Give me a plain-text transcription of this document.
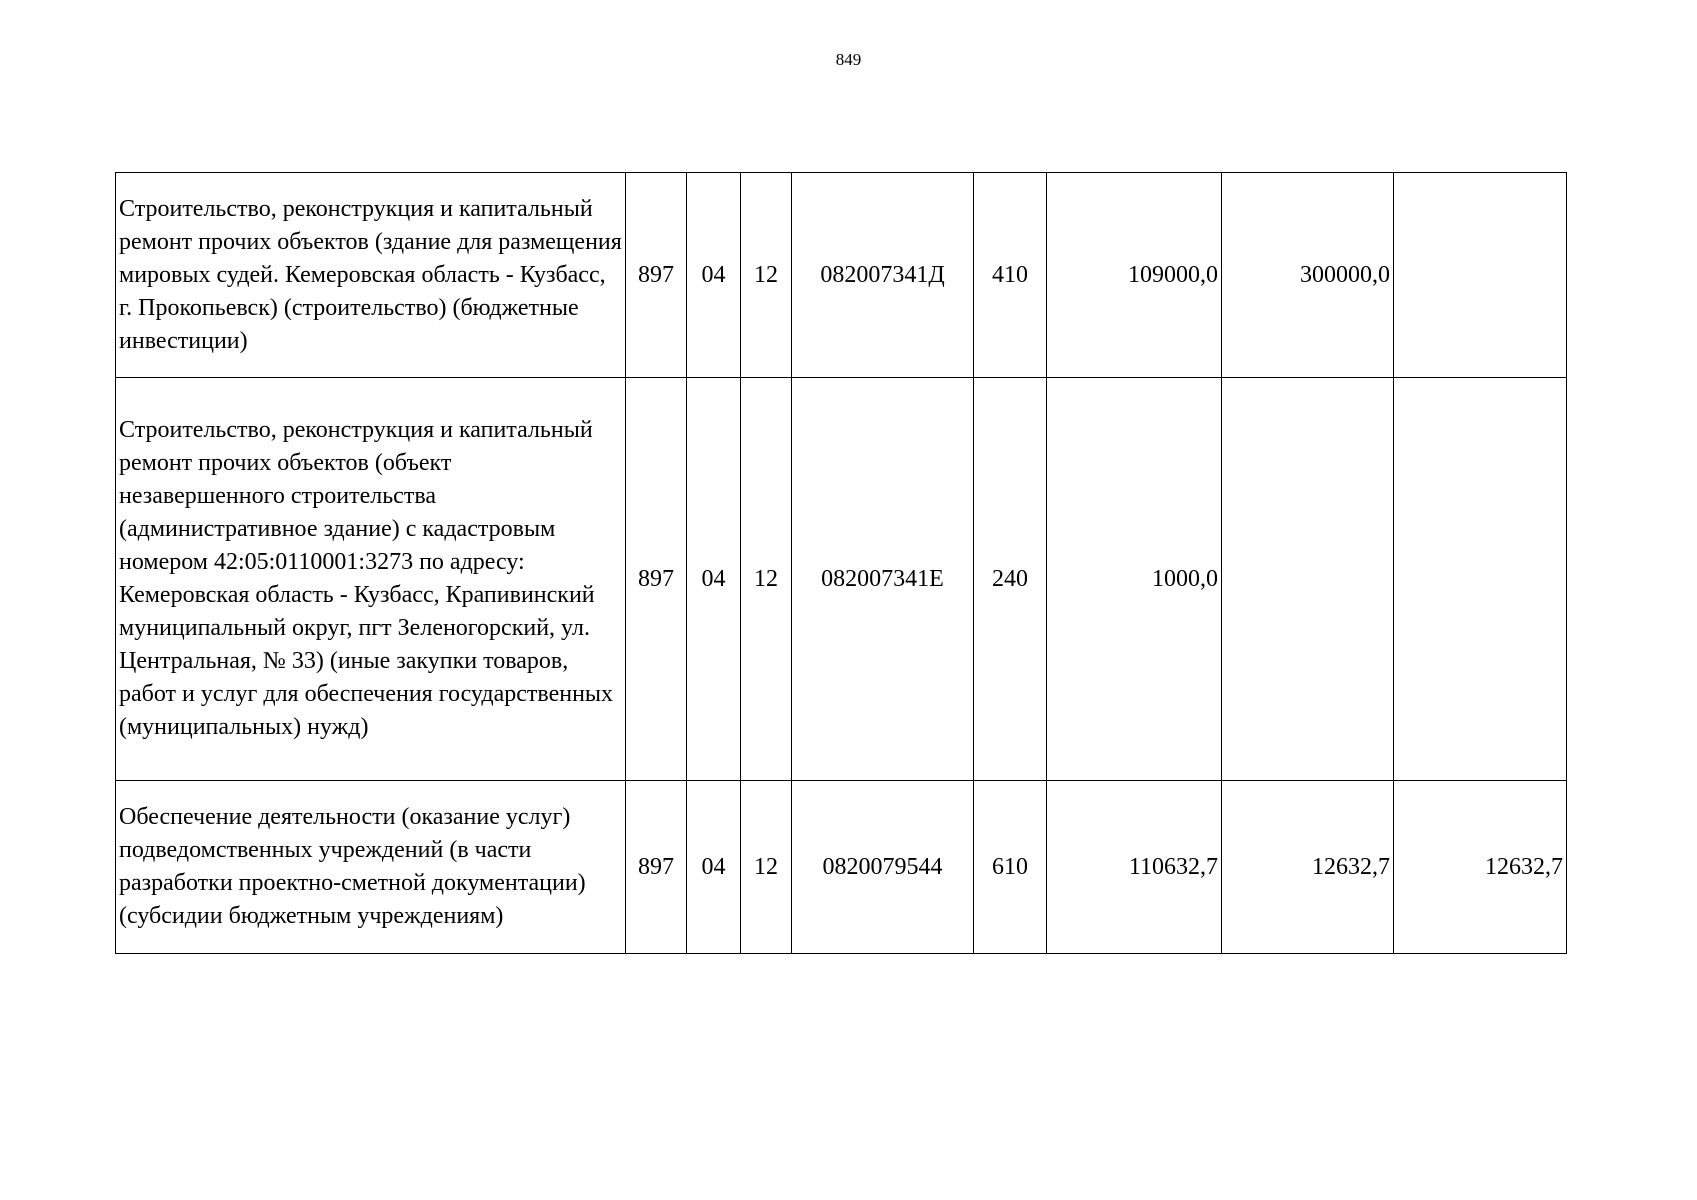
849
Строительство, реконструкция и капитальный ремонт прочих объектов (здание для размещения мировых судей. Кемеровская область - Кузбасс, г. Прокопьевск) (строительство) (бюджетные инвестиции)	897	04	12	082007341Д	410	109000,0	300000,0	
Строительство, реконструкция и капитальный ремонт прочих объектов (объект незавершенного строительства (административное здание) с кадастровым номером 42:05:0110001:3273 по адресу: Кемеровская область - Кузбасс, Крапивинский муниципальный округ, пгт Зеленогорский, ул. Центральная, № 33) (иные закупки товаров, работ и услуг для обеспечения государственных (муниципальных) нужд)	897	04	12	082007341Е	240	1000,0		
Обеспечение деятельности (оказание услуг) подведомственных учреждений (в части разработки проектно-сметной документации) (субсидии бюджетным учреждениям)	897	04	12	0820079544	610	110632,7	12632,7	12632,7
